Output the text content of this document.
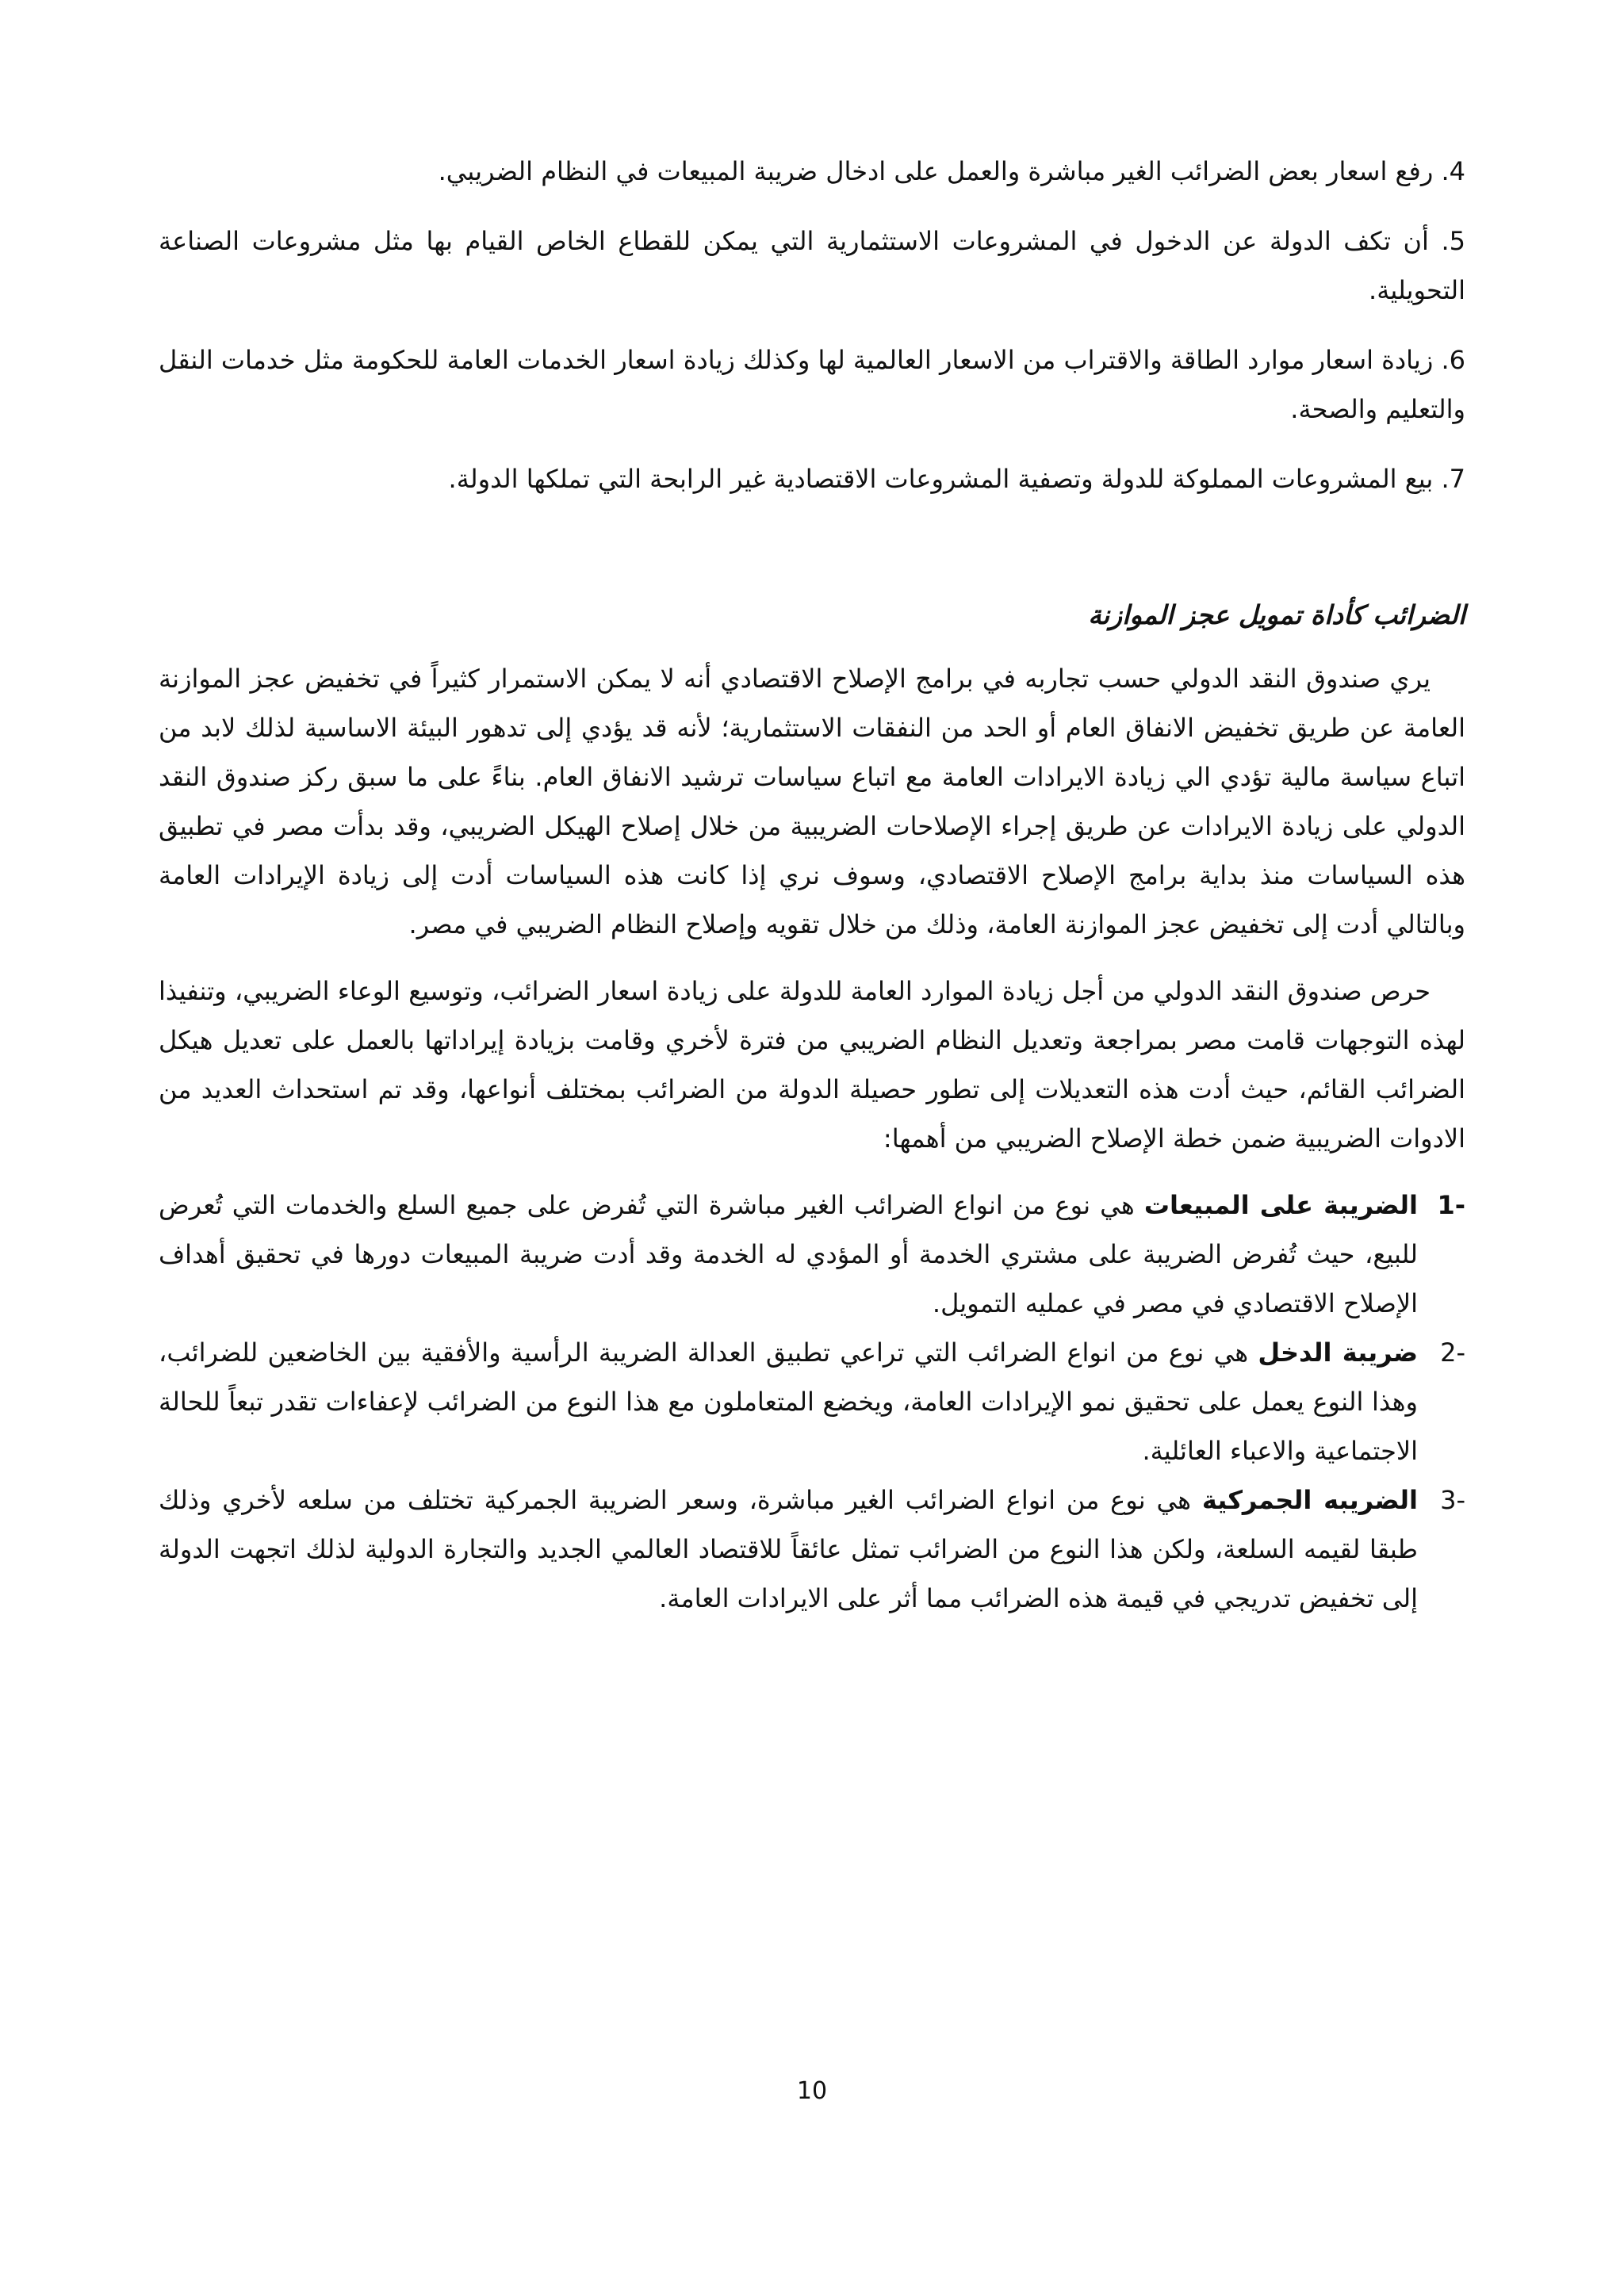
4. رفع اسعار بعض الضرائب الغير مباشرة والعمل على ادخال ضريبة المبيعات في النظام الضريبي.
5. أن تكف الدولة عن الدخول في المشروعات الاستثمارية التي يمكن للقطاع الخاص القيام بها مثل مشروعات الصناعة التحويلية.
6. زيادة اسعار موارد الطاقة والاقتراب من الاسعار العالمية لها وكذلك زيادة اسعار الخدمات العامة للحكومة مثل خدمات النقل والتعليم والصحة.
7. بيع المشروعات المملوكة للدولة وتصفية المشروعات الاقتصادية غير الرابحة التي تملكها الدولة.
الضرائب كأداة تمويل عجز الموازنة

يري صندوق النقد الدولي حسب تجاربه في برامج الإصلاح الاقتصادي أنه لا يمكن الاستمرار كثيراً في تخفيض عجز الموازنة العامة عن طريق تخفيض الانفاق العام أو الحد من النفقات الاستثمارية؛ لأنه قد يؤدي إلى تدهور البيئة الاساسية لذلك لابد من اتباع سياسة مالية تؤدي الي زيادة الايرادات العامة مع اتباع سياسات ترشيد الانفاق العام. بناءً على ما سبق ركز صندوق النقد الدولي على زيادة الايرادات عن طريق إجراء الإصلاحات الضريبية من خلال إصلاح الهيكل الضريبي، وقد بدأت مصر في تطبيق هذه السياسات منذ بداية برامج الإصلاح الاقتصادي، وسوف نري إذا كانت هذه السياسات أدت إلى زيادة الإيرادات العامة وبالتالي أدت إلى تخفيض عجز الموازنة العامة، وذلك من خلال تقويه وإصلاح النظام الضريبي في مصر.

حرص صندوق النقد الدولي من أجل زيادة الموارد العامة للدولة على زيادة اسعار الضرائب، وتوسيع الوعاء الضريبي، وتنفيذا لهذه التوجهات قامت مصر بمراجعة وتعديل النظام الضريبي من فترة لأخري وقامت بزيادة إيراداتها بالعمل على تعديل هيكل الضرائب القائم، حيث أدت هذه التعديلات إلى تطور حصيلة الدولة من الضرائب بمختلف أنواعها، وقد تم استحداث العديد من الادوات الضريبية ضمن خطة الإصلاح الضريبي من أهمها:

-1
الضريبة على المبيعات هي نوع من انواع الضرائب الغير مباشرة التي تُفرض على جميع السلع والخدمات التي تُعرض للبيع، حيث تُفرض الضريبة على مشتري الخدمة أو المؤدي له الخدمة وقد أدت ضريبة المبيعات دورها في تحقيق أهداف الإصلاح الاقتصادي في مصر في عمليه التمويل.
-2
ضريبة الدخل هي نوع من انواع الضرائب التي تراعي تطبيق العدالة الضريبة الرأسية والأفقية بين الخاضعين للضرائب، وهذا النوع يعمل على تحقيق نمو الإيرادات العامة، ويخضع المتعاملون مع هذا النوع من الضرائب لإعفاءات تقدر تبعاً للحالة الاجتماعية والاعباء العائلية.
-3
الضريبه الجمركية هي نوع من انواع الضرائب الغير مباشرة، وسعر الضريبة الجمركية تختلف من سلعه لأخري وذلك طبقا لقيمه السلعة، ولكن هذا النوع من الضرائب تمثل عائقاً للاقتصاد العالمي الجديد والتجارة الدولية لذلك اتجهت الدولة إلى تخفيض تدريجي في قيمة هذه الضرائب مما أثر على الايرادات العامة.
10
